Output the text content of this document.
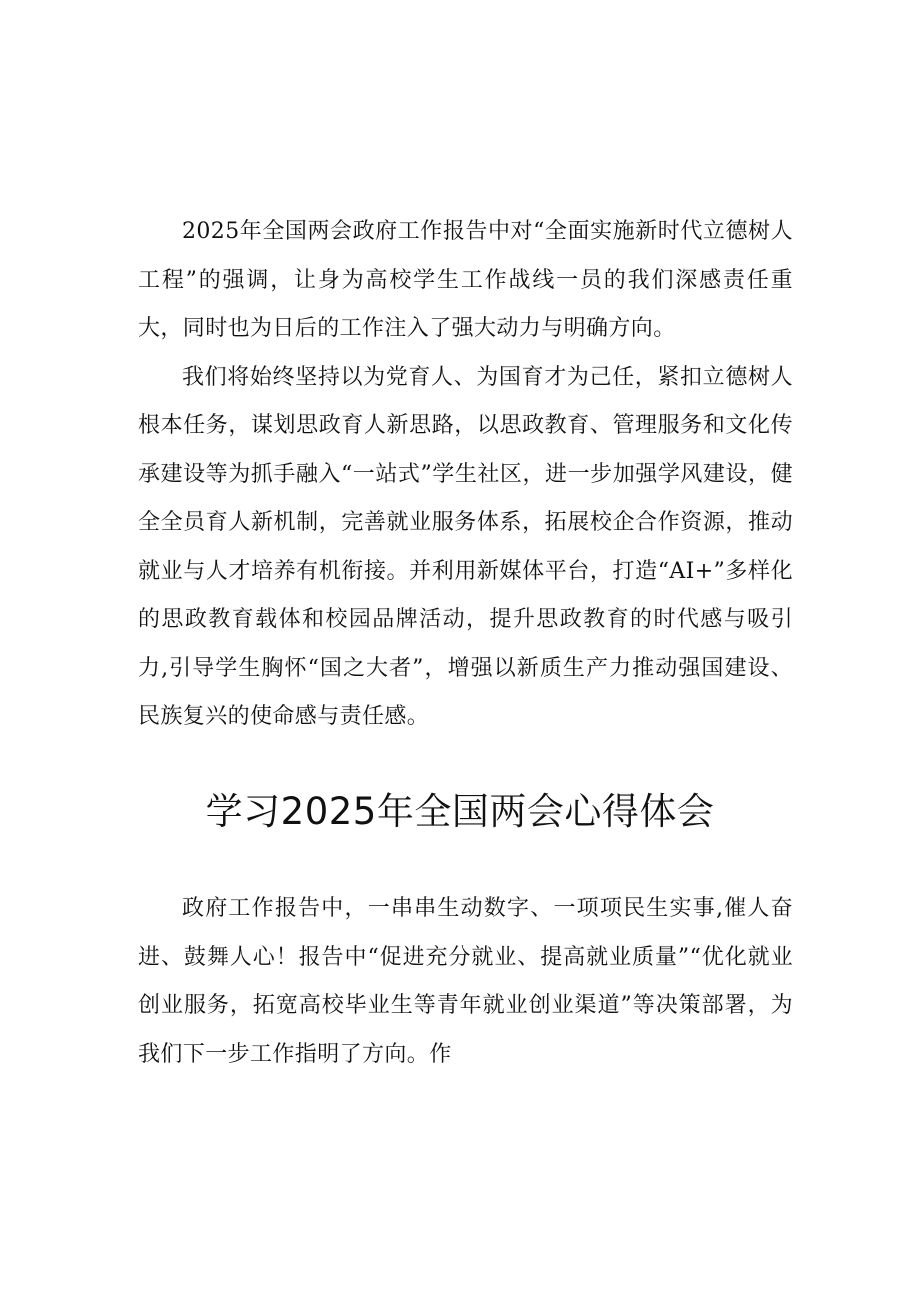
2025年全国两会政府工作报告中对“全面实施新时代立德树人工程”的强调，让身为高校学生工作战线一员的我们深感责任重大，同时也为日后的工作注入了强大动力与明确方向。

我们将始终坚持以为党育人、为国育才为己任，紧扣立德树人根本任务，谋划思政育人新思路，以思政教育、管理服务和文化传承建设等为抓手融入“一站式”学生社区，进一步加强学风建设，健全全员育人新机制，完善就业服务体系，拓展校企合作资源，推动就业与人才培养有机衔接。并利用新媒体平台，打造“AI+”多样化的思政教育载体和校园品牌活动，提升思政教育的时代感与吸引力,引导学生胸怀“国之大者”，增强以新质生产力推动强国建设、民族复兴的使命感与责任感。

学习2025年全国两会心得体会

政府工作报告中，一串串生动数字、一项项民生实事,催人奋进、鼓舞人心！报告中“促进充分就业、提高就业质量”“优化就业创业服务，拓宽高校毕业生等青年就业创业渠道”等决策部署，为我们下一步工作指明了方向。作
